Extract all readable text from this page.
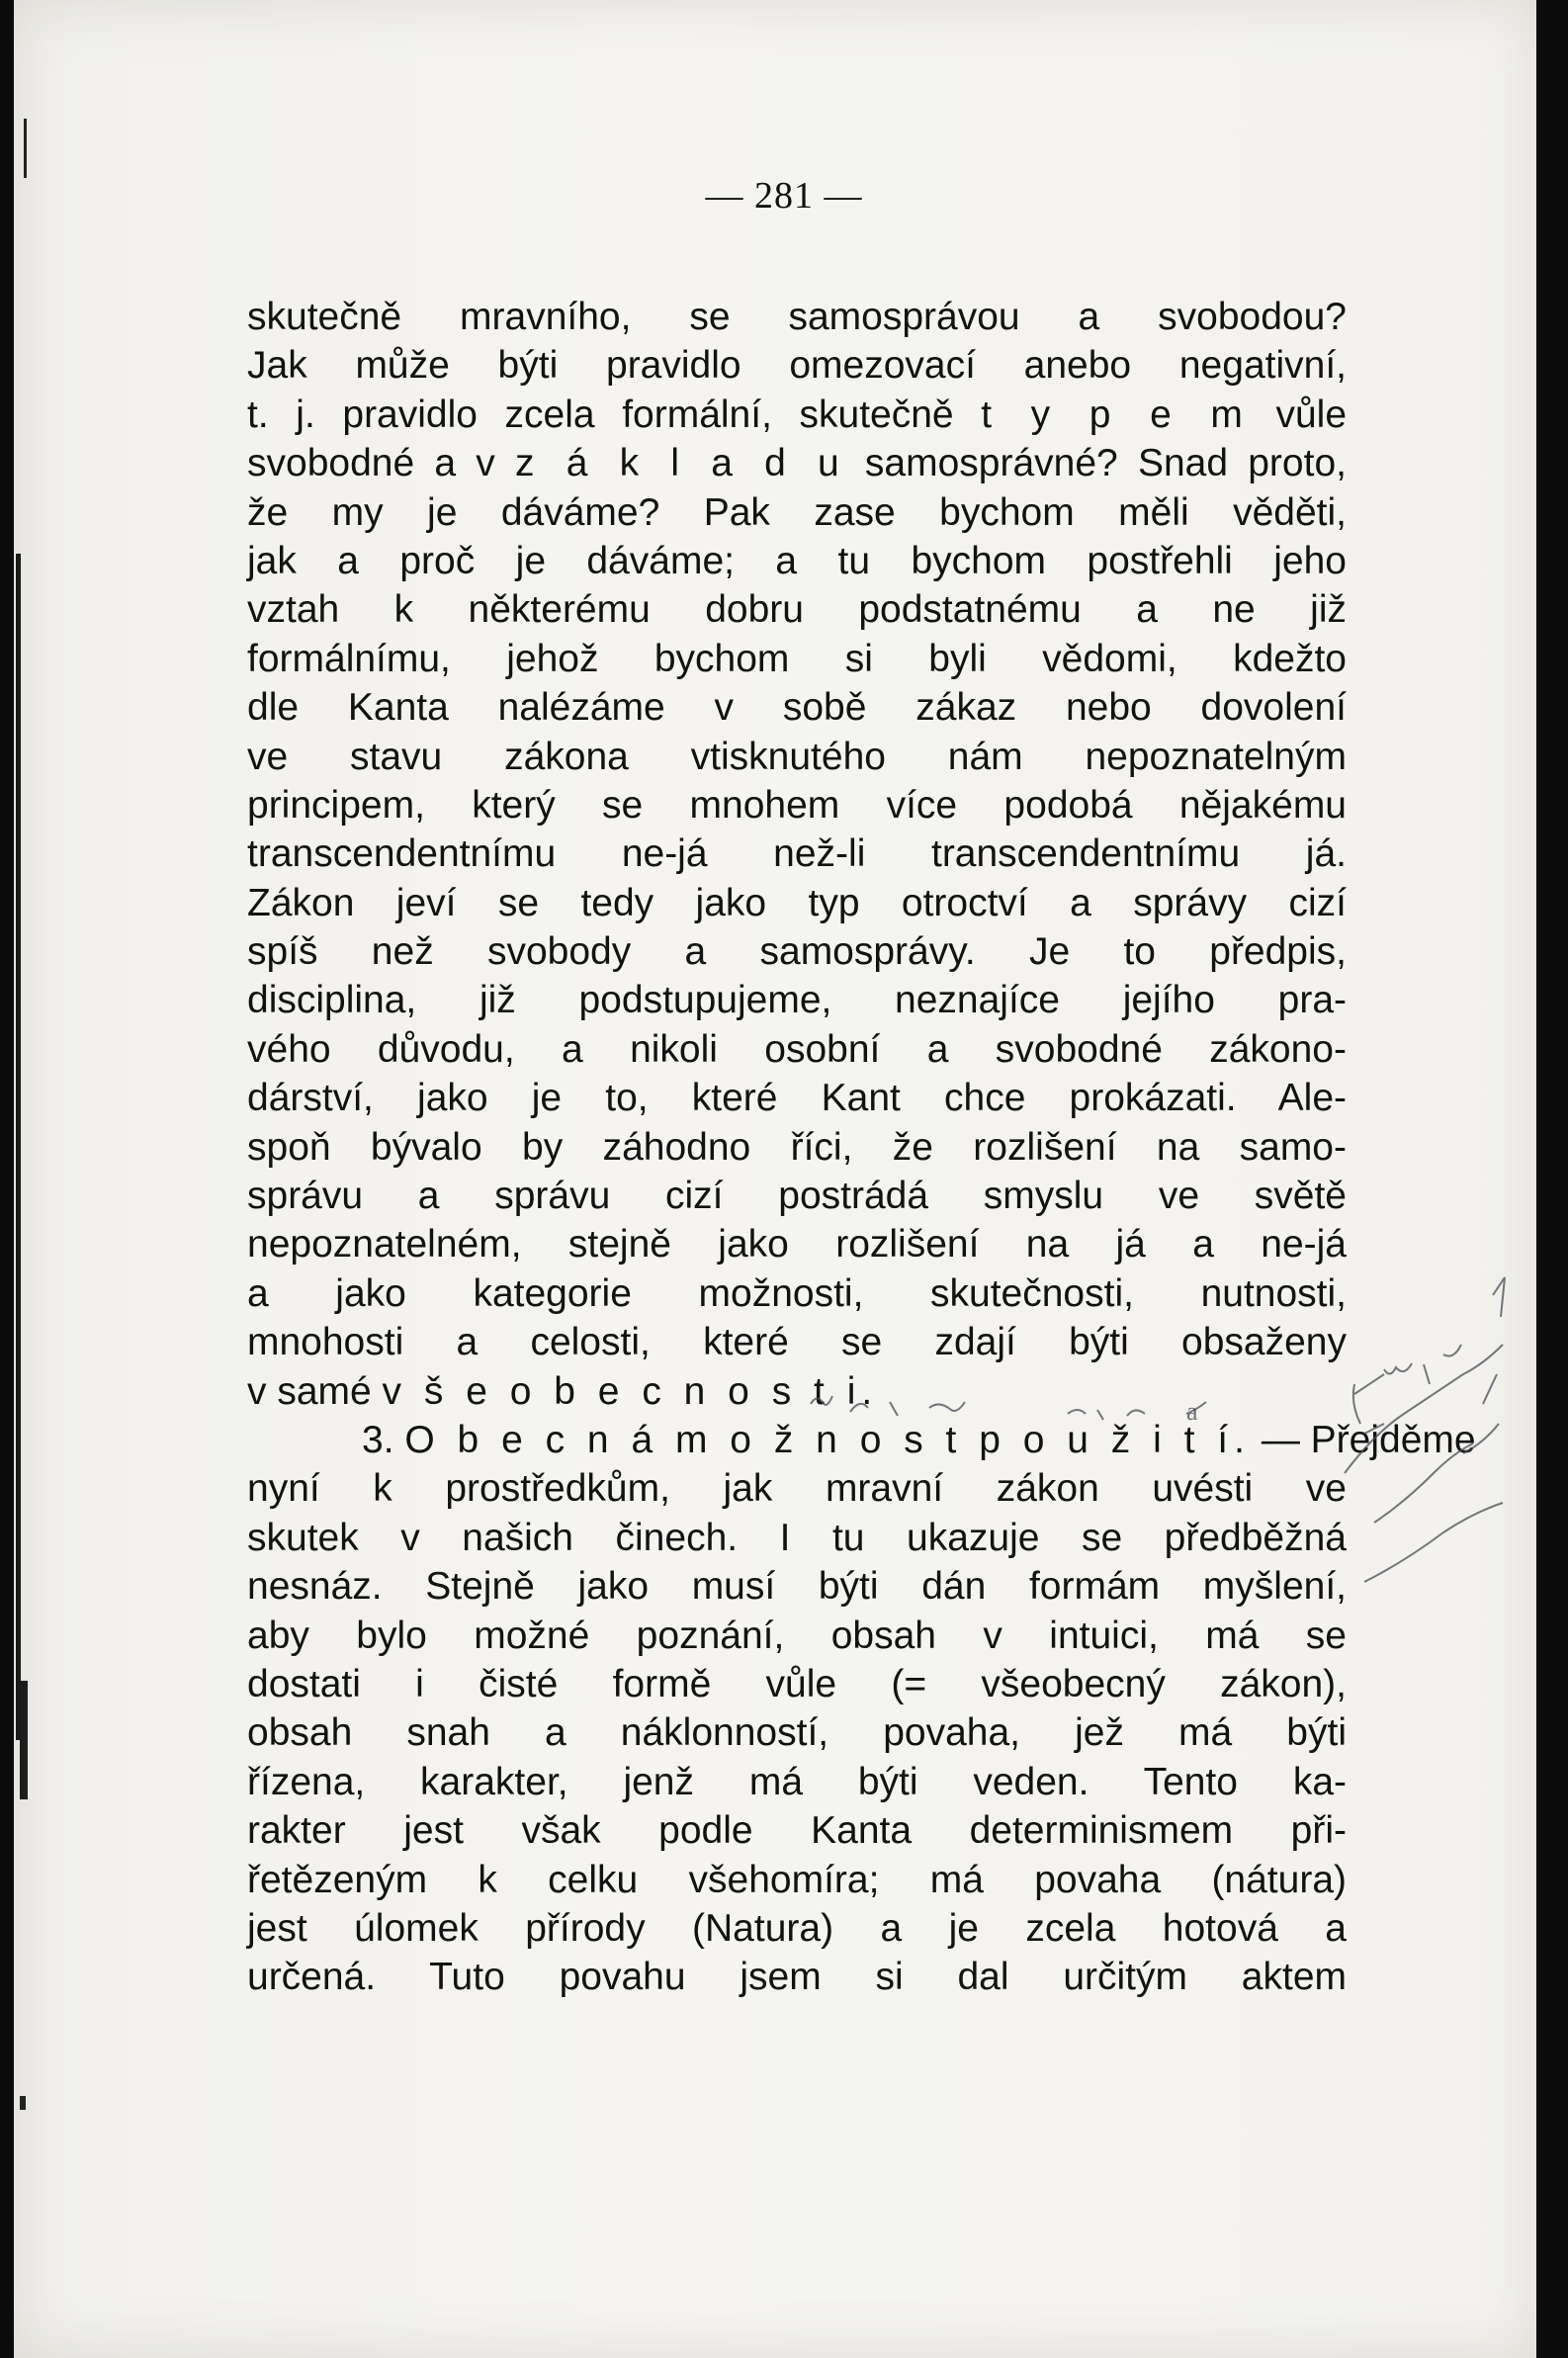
— 281 —
skutečně mravního, se samosprávou a svobodou?
Jak může býti pravidlo omezovací anebo negativní,
t. j. pravidlo zcela formální, skutečně t y p e m vůle
svobodné a v z á k l a d u samosprávné? Snad proto,
že my je dáváme? Pak zase bychom měli věděti,
jak a proč je dáváme; a tu bychom postřehli jeho
vztah k některému dobru podstatnému a ne již
formálnímu, jehož bychom si byli vědomi, kdežto
dle Kanta nalézáme v sobě zákaz nebo dovolení
ve stavu zákona vtisknutého nám nepoznatelným
principem, který se mnohem více podobá nějakému
transcendentnímu ne-já než-li transcendentnímu já.
Zákon jeví se tedy jako typ otroctví a správy cizí
spíš než svobody a samosprávy. Je to předpis,
disciplina, již podstupujeme, neznajíce jejího pra-
vého důvodu, a nikoli osobní a svobodné zákono-
dárství, jako je to, které Kant chce prokázati. Ale-
spoň bývalo by záhodno říci, že rozlišení na samo-
správu a správu cizí postrádá smyslu ve světě
nepoznatelném, stejně jako rozlišení na já a ne-já
a jako kategorie možnosti, skutečnosti, nutnosti,
mnohosti a celosti, které se zdají býti obsaženy
v samé v š e o b e c n o s t i.
3. O b e c n á m o ž n o s t p o u ž i t í. — Přejděme
nyní k prostředkům, jak mravní zákon uvésti ve
skutek v našich činech. I tu ukazuje se předběžná
nesnáz. Stejně jako musí býti dán formám myšlení,
aby bylo možné poznání, obsah v intuici, má se
dostati i čisté formě vůle (= všeobecný zákon),
obsah snah a náklonností, povaha, jež má býti
řízena, karakter, jenž má býti veden. Tento ka-
rakter jest však podle Kantа determinismem při-
řetězeným k celku všehomíra; má povaha (nátura)
jest úlomek přírody (Natura) a je zcela hotová a
určená. Tuto povahu jsem si dal určitým aktem
a
